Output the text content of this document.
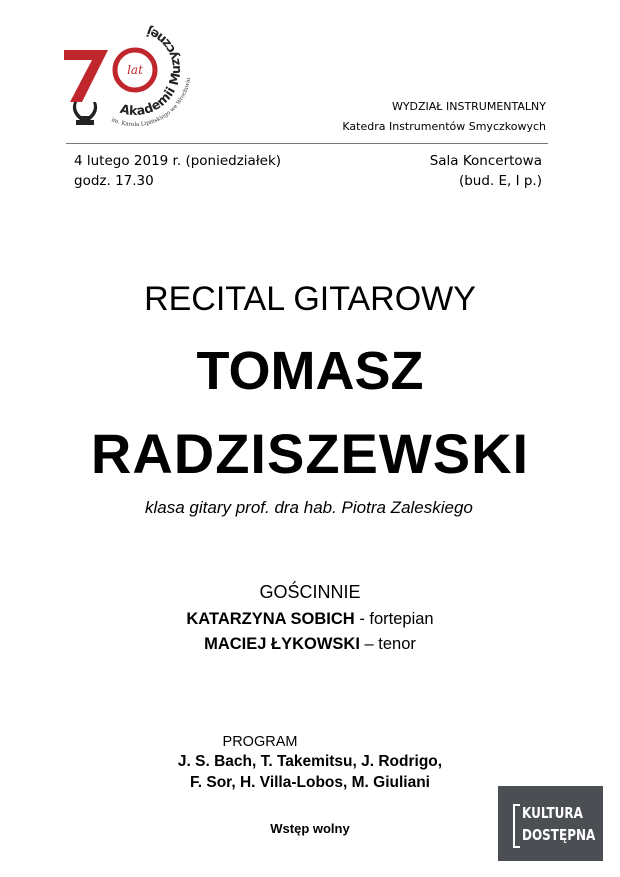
lat
Akademii Muzycznej
im. Karola Lipińskiego we Wrocławiu
WYDZIAŁ INSTRUMENTALNY
Katedra Instrumentów Smyczkowych
4 lutego 2019 r. (poniedziałek)
godz. 17.30
Sala Koncertowa
(bud. E, I p.)
RECITAL GITAROWY
TOMASZ
RADZISZEWSKI
klasa gitary prof. dra hab. Piotra Zaleskiego
GOŚCINNIE
KATARZYNA SOBICH - fortepian
MACIEJ ŁYKOWSKI – tenor
PROGRAM
J. S. Bach, T. Takemitsu, J. Rodrigo,
F. Sor, H. Villa-Lobos, M. Giuliani
Wstęp wolny
KULTURA
DOSTĘPNA
